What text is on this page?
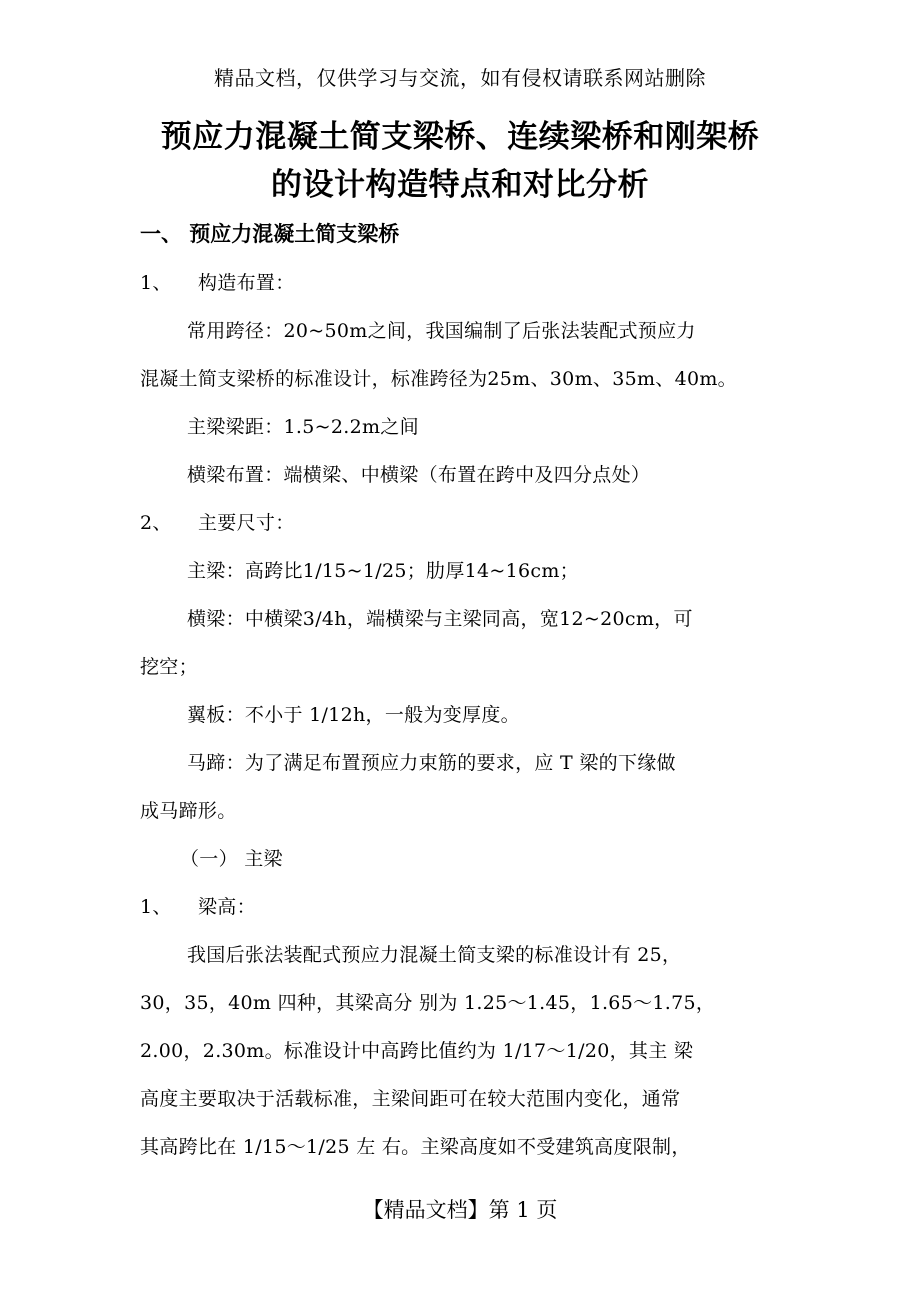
精品文档，仅供学习与交流，如有侵权请联系网站删除
预应力混凝土简支梁桥、连续梁桥和刚架桥
的设计构造特点和对比分析
一、 预应力混凝土简支梁桥
1、 构造布置：
常用跨径：20~50m之间，我国编制了后张法装配式预应力
混凝土简支梁桥的标准设计，标准跨径为25m、30m、35m、40m。
主梁梁距：1.5~2.2m之间
横梁布置：端横梁、中横梁（布置在跨中及四分点处）
2、 主要尺寸：
主梁：高跨比1/15~1/25；肋厚14~16cm；
横梁：中横梁3/4h，端横梁与主梁同高，宽12~20cm，可
挖空；
翼板：不小于 1/12h，一般为变厚度。
马蹄：为了满足布置预应力束筋的要求，应 T 梁的下缘做
成马蹄形。
（一） 主梁
1、 梁高：
我国后张法装配式预应力混凝土简支梁的标准设计有 25，
30，35，40m 四种，其梁高分 别为 1.25～1.45，1.65～1.75，
2.00，2.30m。标准设计中高跨比值约为 1/17～1/20，其主 梁
高度主要取决于活载标准，主梁间距可在较大范围内变化，通常
其高跨比在 1/15～1/25 左 右。主梁高度如不受建筑高度限制，
【精品文档】第 1 页
